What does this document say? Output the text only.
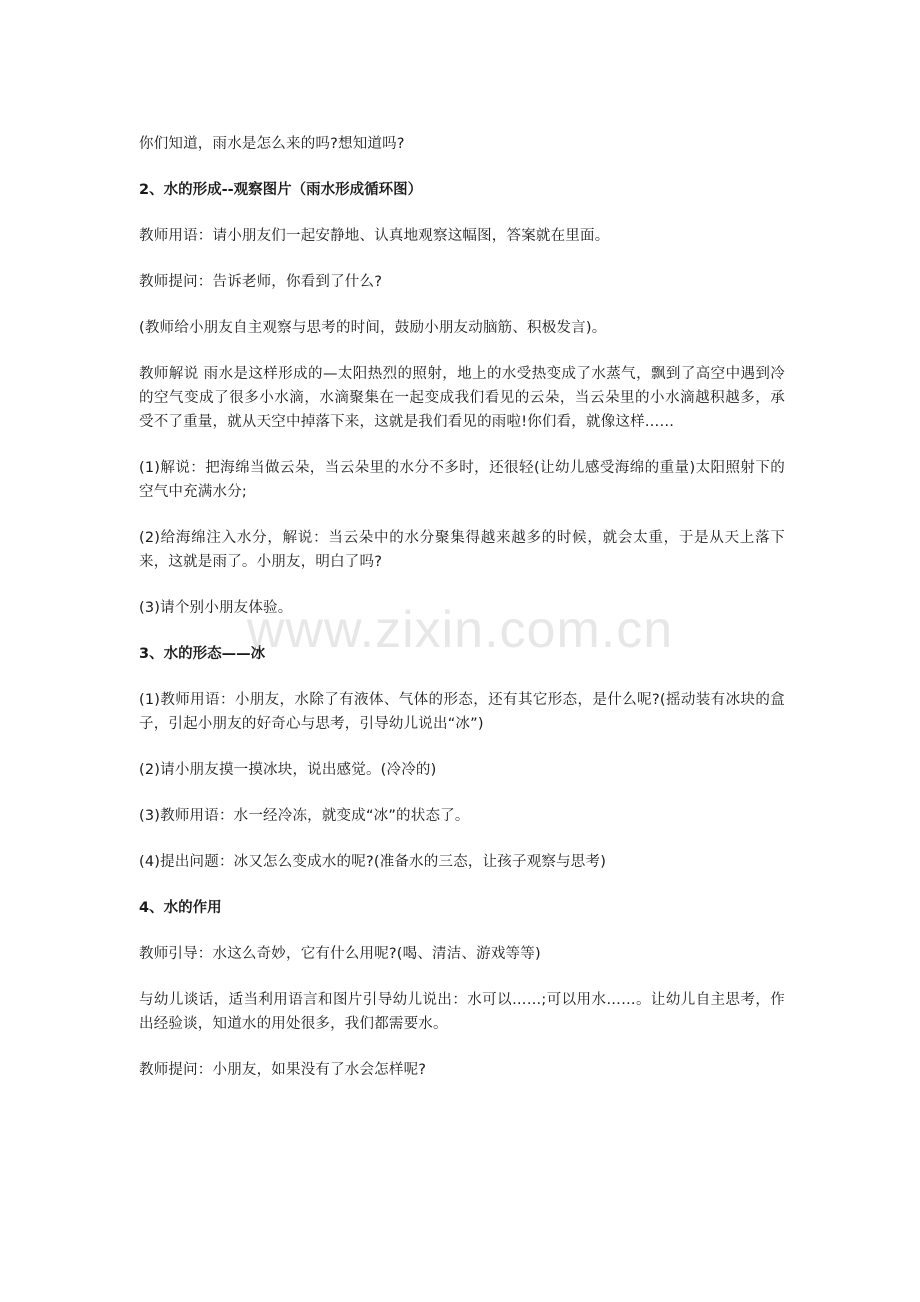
你们知道，雨水是怎么来的吗?想知道吗?

2、水的形成--观察图片（雨水形成循环图）

教师用语：请小朋友们一起安静地、认真地观察这幅图，答案就在里面。

教师提问：告诉老师，你看到了什么?

(教师给小朋友自主观察与思考的时间，鼓励小朋友动脑筋、积极发言)。

教师解说 雨水是这样形成的—太阳热烈的照射，地上的水受热变成了水蒸气，飘到了高空中遇到冷的空气变成了很多小水滴，水滴聚集在一起变成我们看见的云朵，当云朵里的小水滴越积越多，承受不了重量，就从天空中掉落下来，这就是我们看见的雨啦!你们看，就像这样……

(1)解说：把海绵当做云朵，当云朵里的水分不多时，还很轻(让幼儿感受海绵的重量)太阳照射下的空气中充满水分;

(2)给海绵注入水分，解说：当云朵中的水分聚集得越来越多的时候，就会太重，于是从天上落下来，这就是雨了。小朋友，明白了吗?

(3)请个别小朋友体验。

3、水的形态——冰

(1)教师用语：小朋友，水除了有液体、气体的形态，还有其它形态，是什么呢?(摇动装有冰块的盒子，引起小朋友的好奇心与思考，引导幼儿说出“冰”)

(2)请小朋友摸一摸冰块，说出感觉。(冷冷的)

(3)教师用语：水一经冷冻，就变成“冰”的状态了。

(4)提出问题：冰又怎么变成水的呢?(准备水的三态，让孩子观察与思考)

4、水的作用

教师引导：水这么奇妙，它有什么用呢?(喝、清洁、游戏等等)

与幼儿谈话，适当利用语言和图片引导幼儿说出：水可以……;可以用水……。让幼儿自主思考，作出经验谈，知道水的用处很多，我们都需要水。

教师提问：小朋友，如果没有了水会怎样呢?

www.zixin.com.cn
